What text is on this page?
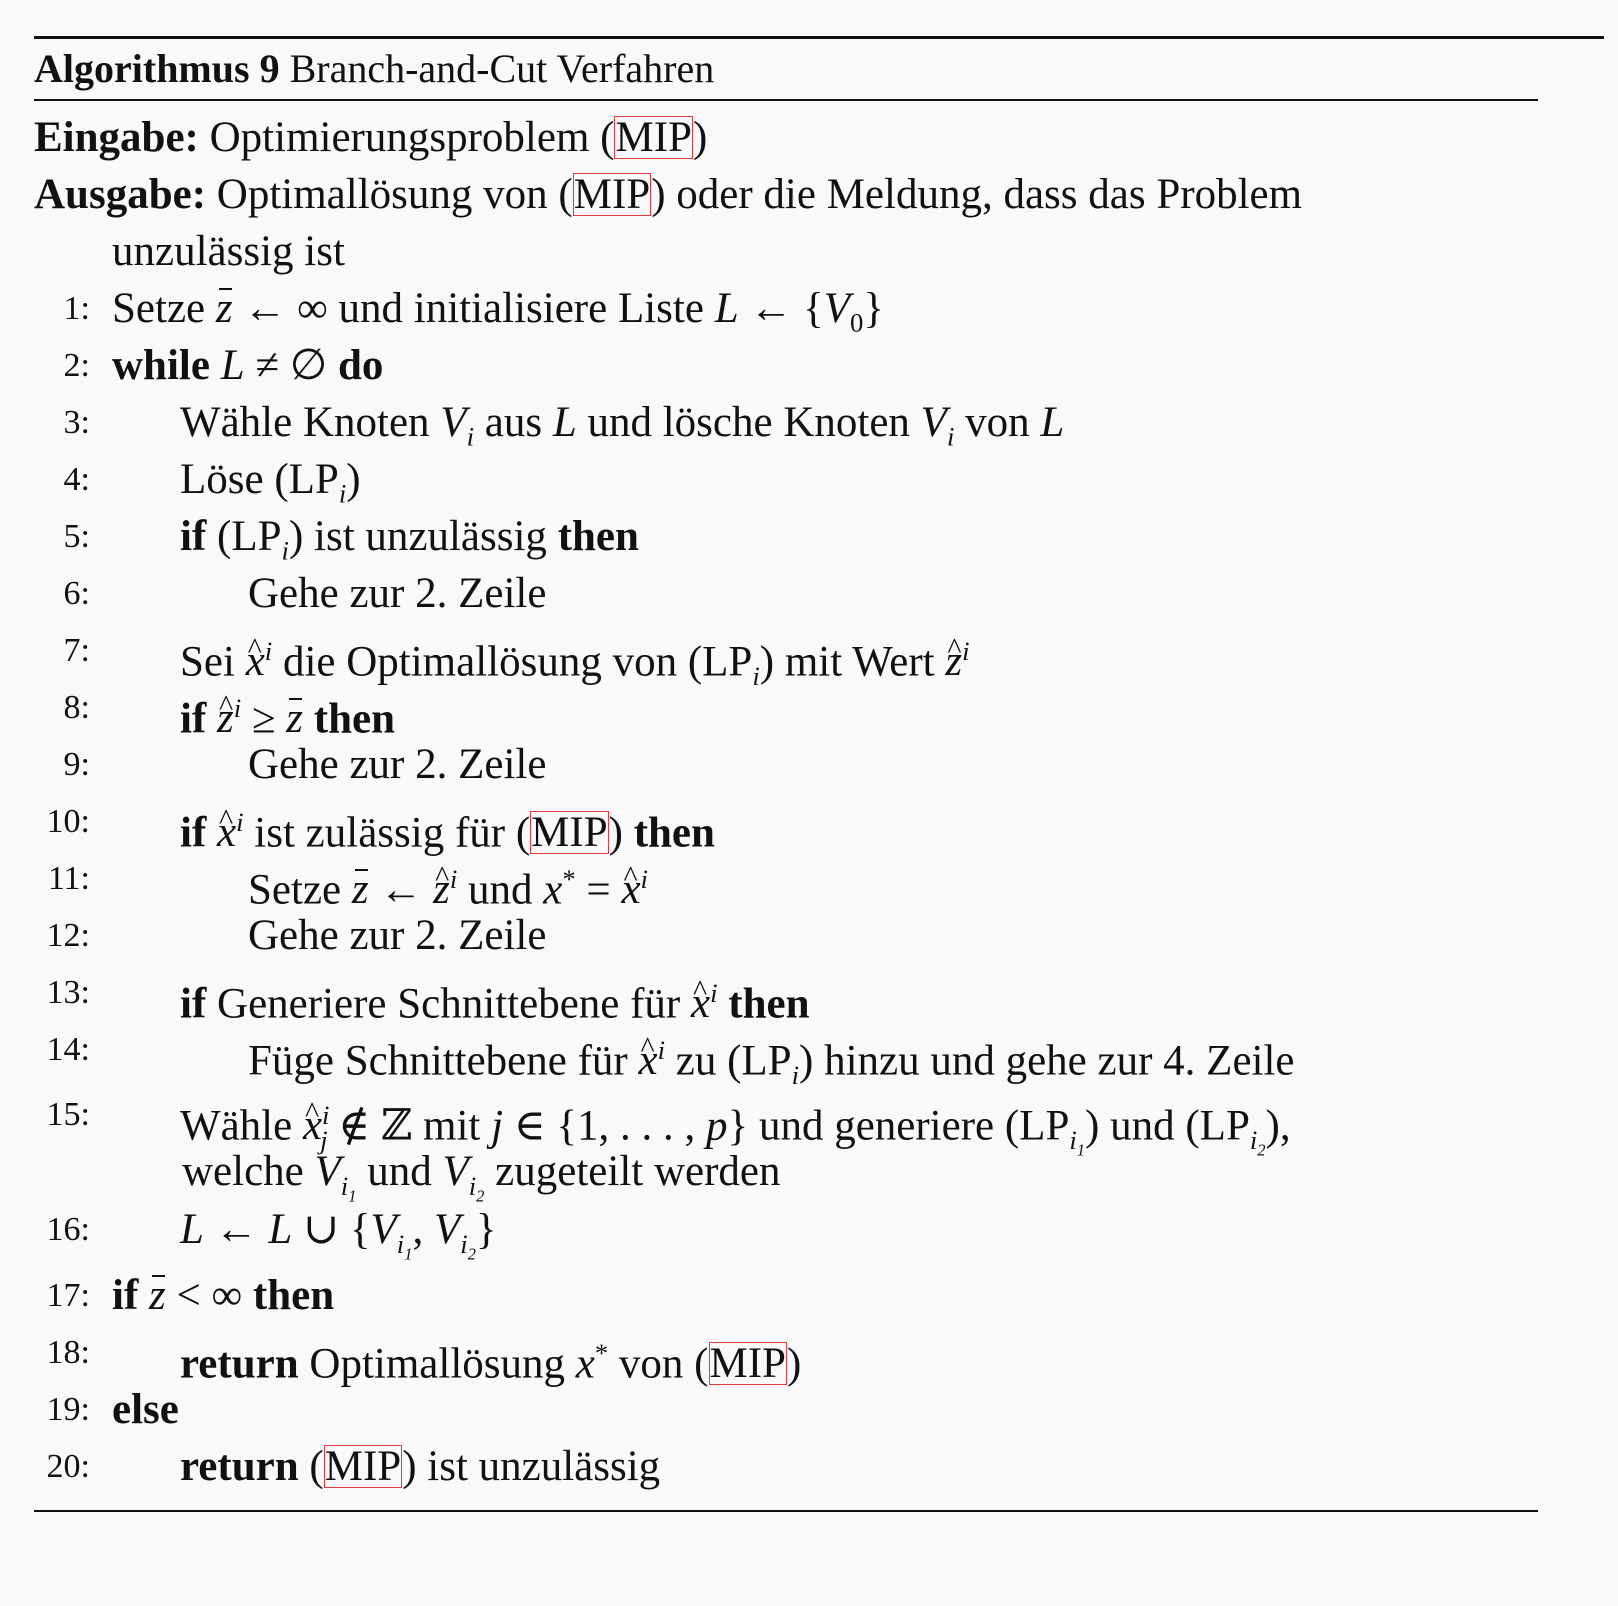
Algorithmus 9 Branch-and-Cut Verfahren
Eingabe: Optimierungsproblem (MIP)
Ausgabe: Optimallösung von (MIP) oder die Meldung, dass das Problem
unzulässig ist
1: Setze z ← ∞ und initialisiere Liste L ← $\{V_0\}$
2: while L ≠ ∅ do
3: Wähle Knoten $V_i$ aus L und lösche Knoten $V_i$ von L
4: Löse $(LP_i)$
5: if $(LP_i)$ ist unzulässig then
6:	Gehe zur 2. Zeile
7: Sei ^ $x^i$ die Optimallösung von $(LP_i)$ mit Wert ^ $z^i$
8: if ^ $z^i \ge z$ then
9:	Gehe zur 2. Zeile
10: if ^ $x^i$ ist zulässig für (MIP) then
11:	Setze z ← ^ $z^i$ und x* = ^ $x^i$
12:	Gehe zur 2. Zeile
13: if Generiere Schnittebene für ^ $x^i$ then
14:	Füge Schnittebene für ^ $x^i$ zu $(LP_i)$ hinzu und gehe zur 4. Zeile
15: Wähle ^ $x^i_j$ ∉ ℤ mit j ∈ {1, . . . , p} und generiere $(LP_{i_1})$ und $(LP_{i_2})$,
welche $V_{i_1}$ und $V_{i_2}$ zugeteilt werden
16: L ← L ∪ {$V_{i_1}$, $V_{i_2}$}
17: if z < ∞ then
18: return Optimallösung x* von (MIP)
19: else
20: return (MIP) ist unzulässig
